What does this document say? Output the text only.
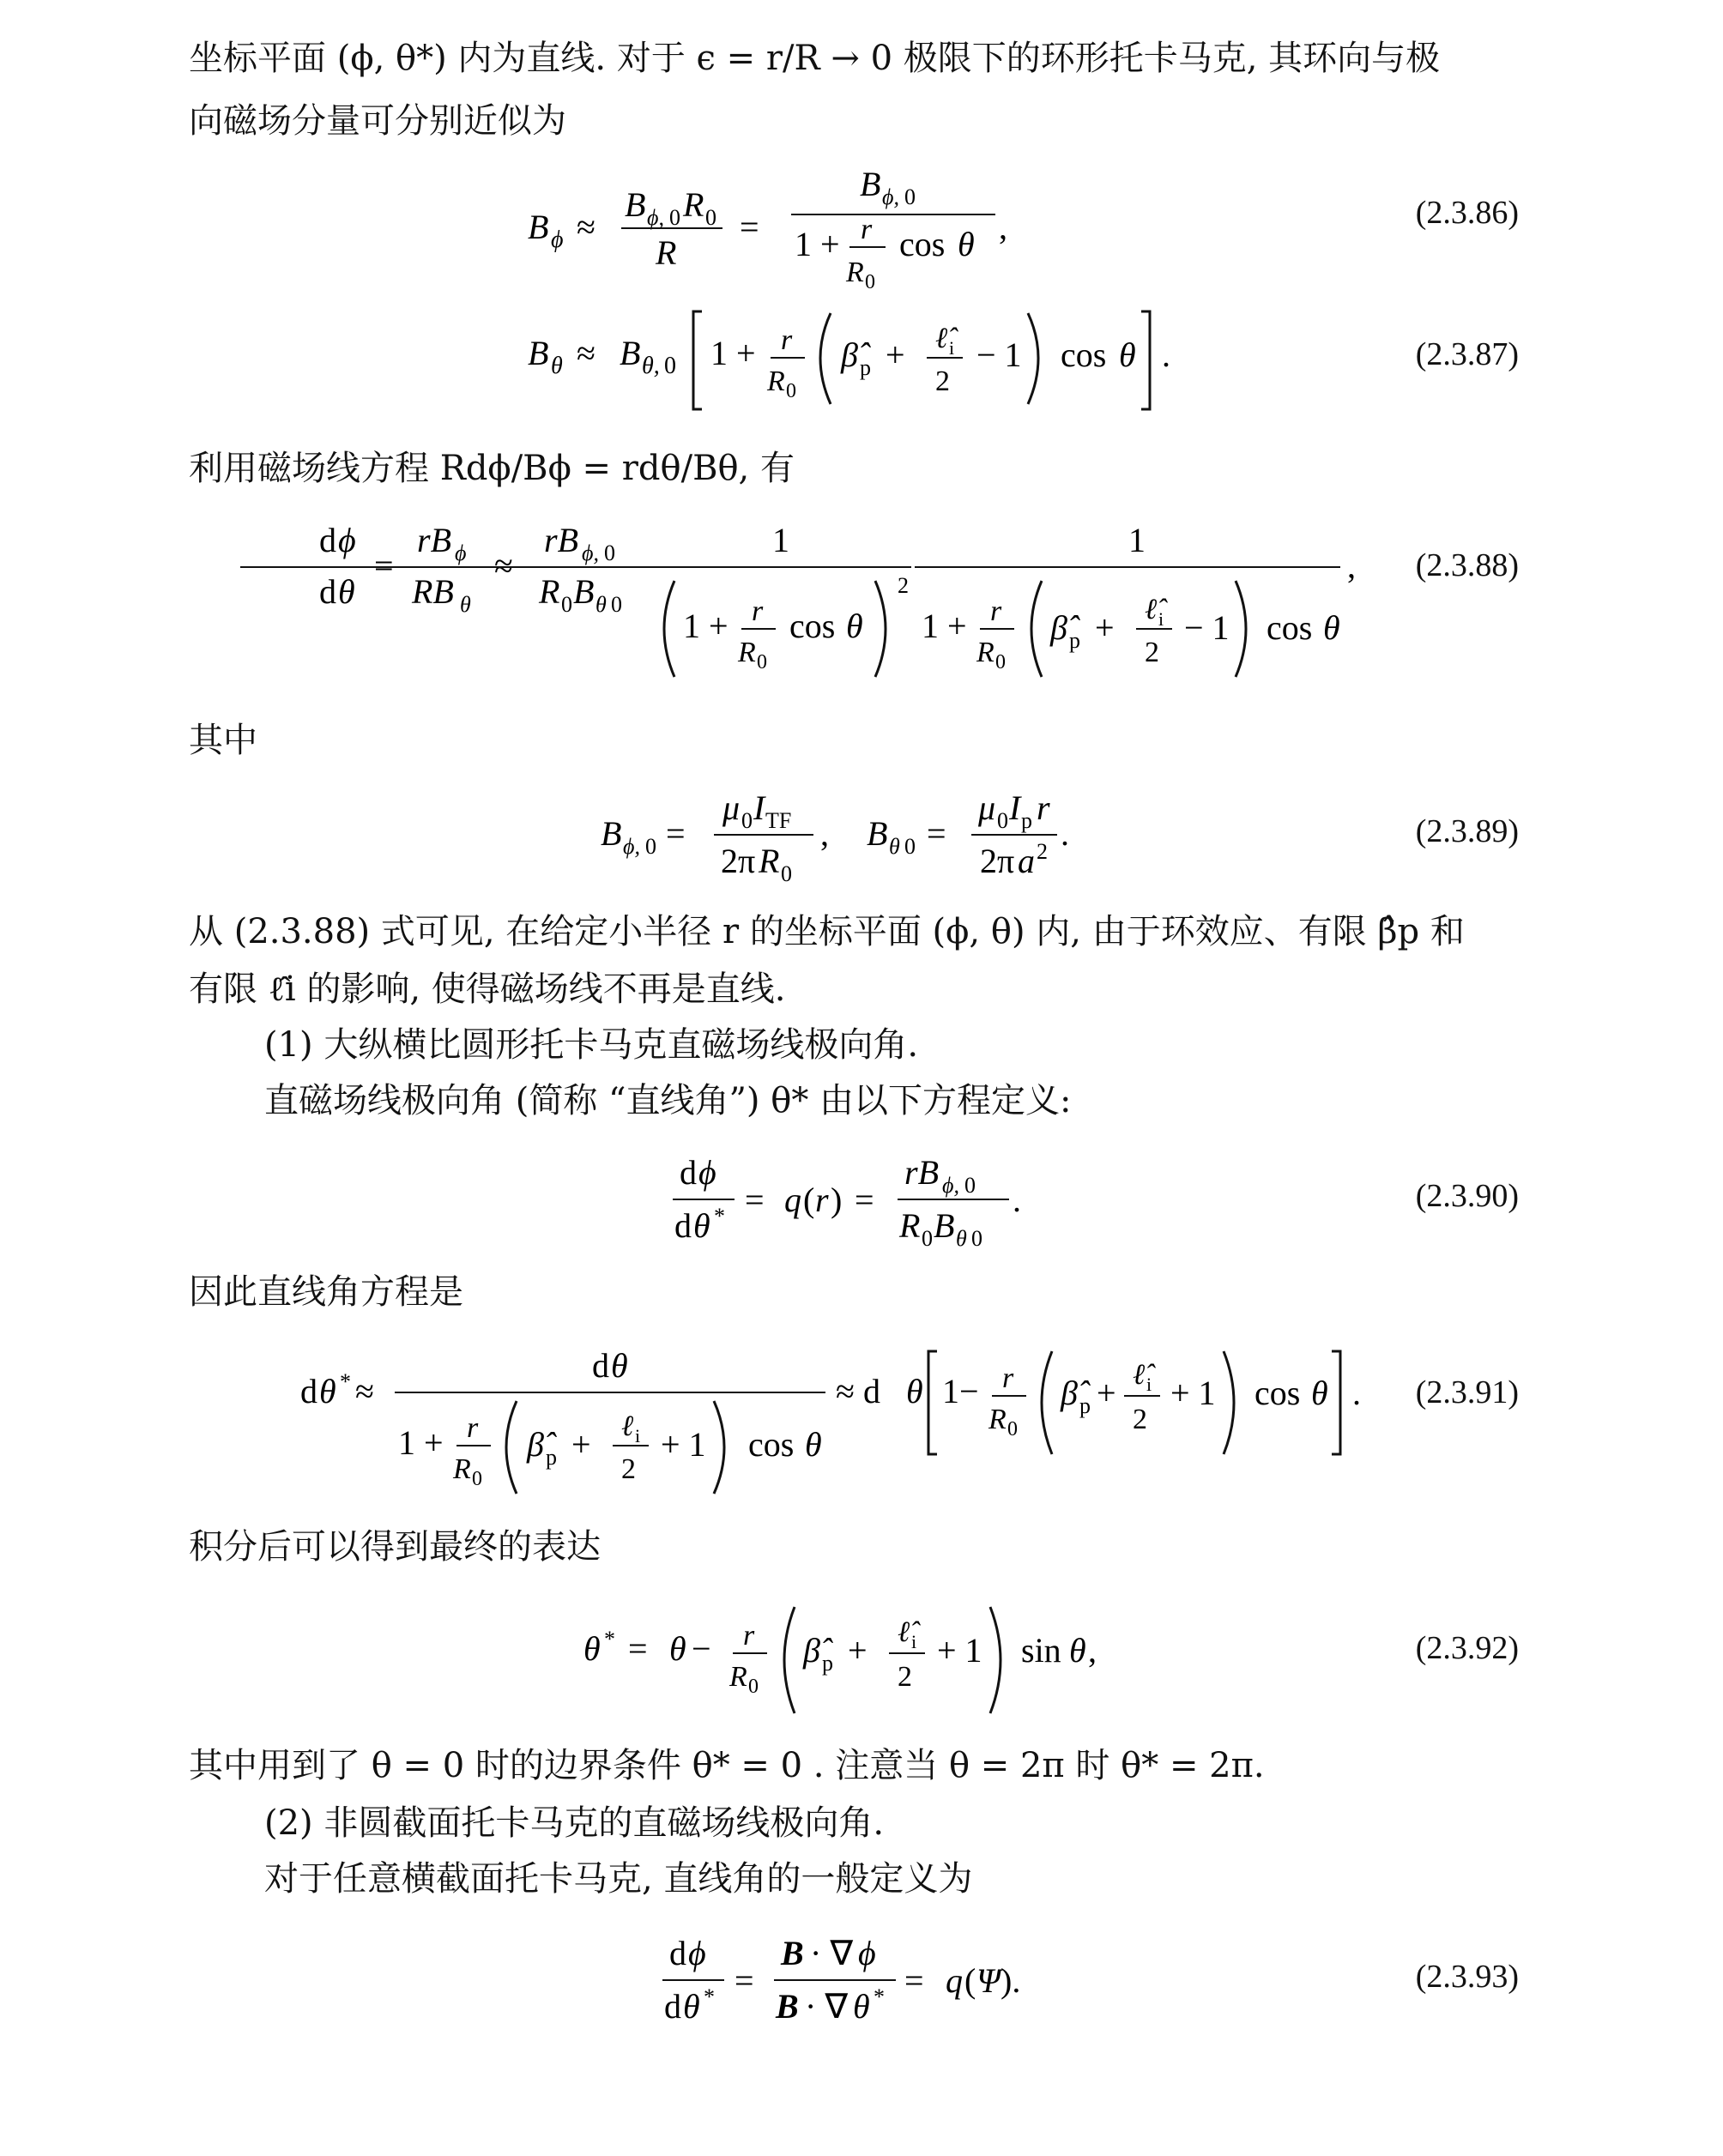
坐标平面 (ϕ, θ*) 内为直线. 对于 ϵ = r/R → 0 极限下的环形托卡马克, 其环向与极
向磁场分量可分别近似为
B ϕ ≈
B ϕ, 0 R 0
R
=
B ϕ, 0
1 + r
R 0
cos θ ,	(2.3.86)
B θ ≈ B θ, 0 1 + r
R 0
β̂ p + ℓ̂ i
2
− 1 cos θ .	(2.3.87)
利用磁场线方程 Rdϕ/Bϕ = rdθ/Bθ, 有
d ϕ
d θ
=
rB ϕ
RB θ
≈
rB ϕ, 0
R 0 B θ 0
1
1 + r
R 0
cos θ
2
1
1 + r
R 0
β̂ p + ℓ̂ i
2
− 1 cos θ
, (2.3.88)
其中
B ϕ, 0 =
μ 0 I TF
2π R 0
, B θ 0 =
μ 0 I p r
2π a 2 .	(2.3.89)
从 (2.3.88) 式可见, 在给定小半径 r 的坐标平面 (ϕ, θ) 内, 由于环效应、有限 β̂p 和
有限 ℓ̂i 的影响, 使得磁场线不再是直线.
(1) 大纵横比圆形托卡马克直磁场线极向角.
直磁场线极向角 (简称 “直线角”) θ* 由以下方程定义:
d ϕ
d θ * = q ( r ) =
rB ϕ, 0
R 0 B θ 0
.	(2.3.90)
因此直线角方程是
d θ * ≈
d θ
1 + r
R 0
β̂ p + ℓ i
2
+ 1 cos θ
≈ d θ 1− r
R 0
β̂ p + ℓ̂ i
2
+ 1 cos θ . (2.3.91)
积分后可以得到最终的表达
θ * = θ − r
R 0
β̂ p + ℓ̂ i
2
+ 1 sin θ ,	(2.3.92)
其中用到了 θ = 0 时的边界条件 θ* = 0 . 注意当 θ = 2π 时 θ* = 2π.
(2) 非圆截面托卡马克的直磁场线极向角.
对于任意横截面托卡马克, 直线角的一般定义为
d ϕ
d θ * =
B · ∇ ϕ
B · ∇ θ * = q ( Ψ ).	(2.3.93)
